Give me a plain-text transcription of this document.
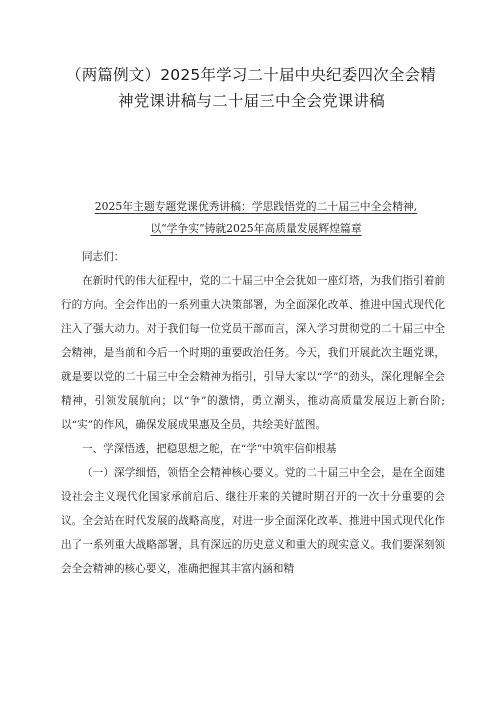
（两篇例文）2025年学习二十届中央纪委四次全会精
神党课讲稿与二十届三中全会党课讲稿
2025年主题专题党课优秀讲稿：学思践悟党的二十届三中全会精神,
以“学争实”铸就2025年高质量发展辉煌篇章

同志们：

在新时代的伟大征程中，党的二十届三中全会犹如一座灯塔，为我们指引着前行的方向。全会作出的一系列重大决策部署，为全面深化改革、推进中国式现代化注入了强大动力。对于我们每一位党员干部而言，深入学习贯彻党的二十届三中全会精神，是当前和今后一个时期的重要政治任务。今天，我们开展此次主题党课，就是要以党的二十届三中全会精神为指引，引导大家以“学”的劲头，深化理解全会精神，引领发展航向；以“争”的激情，勇立潮头，推动高质量发展迈上新台阶;以“实”的作风，确保发展成果惠及全员，共绘美好蓝图。

一、学深悟透，把稳思想之舵，在“学”中筑牢信仰根基

（一）深学细悟，领悟全会精神核心要义。党的二十届三中全会，是在全面建设社会主义现代化国家承前启后、继往开来的关键时期召开的一次十分重要的会议。全会站在时代发展的战略高度，对进一步全面深化改革、推进中国式现代化作出了一系列重大战略部署，具有深远的历史意义和重大的现实意义。我们要深刻领会全会精神的核心要义，准确把握其丰富内涵和精
